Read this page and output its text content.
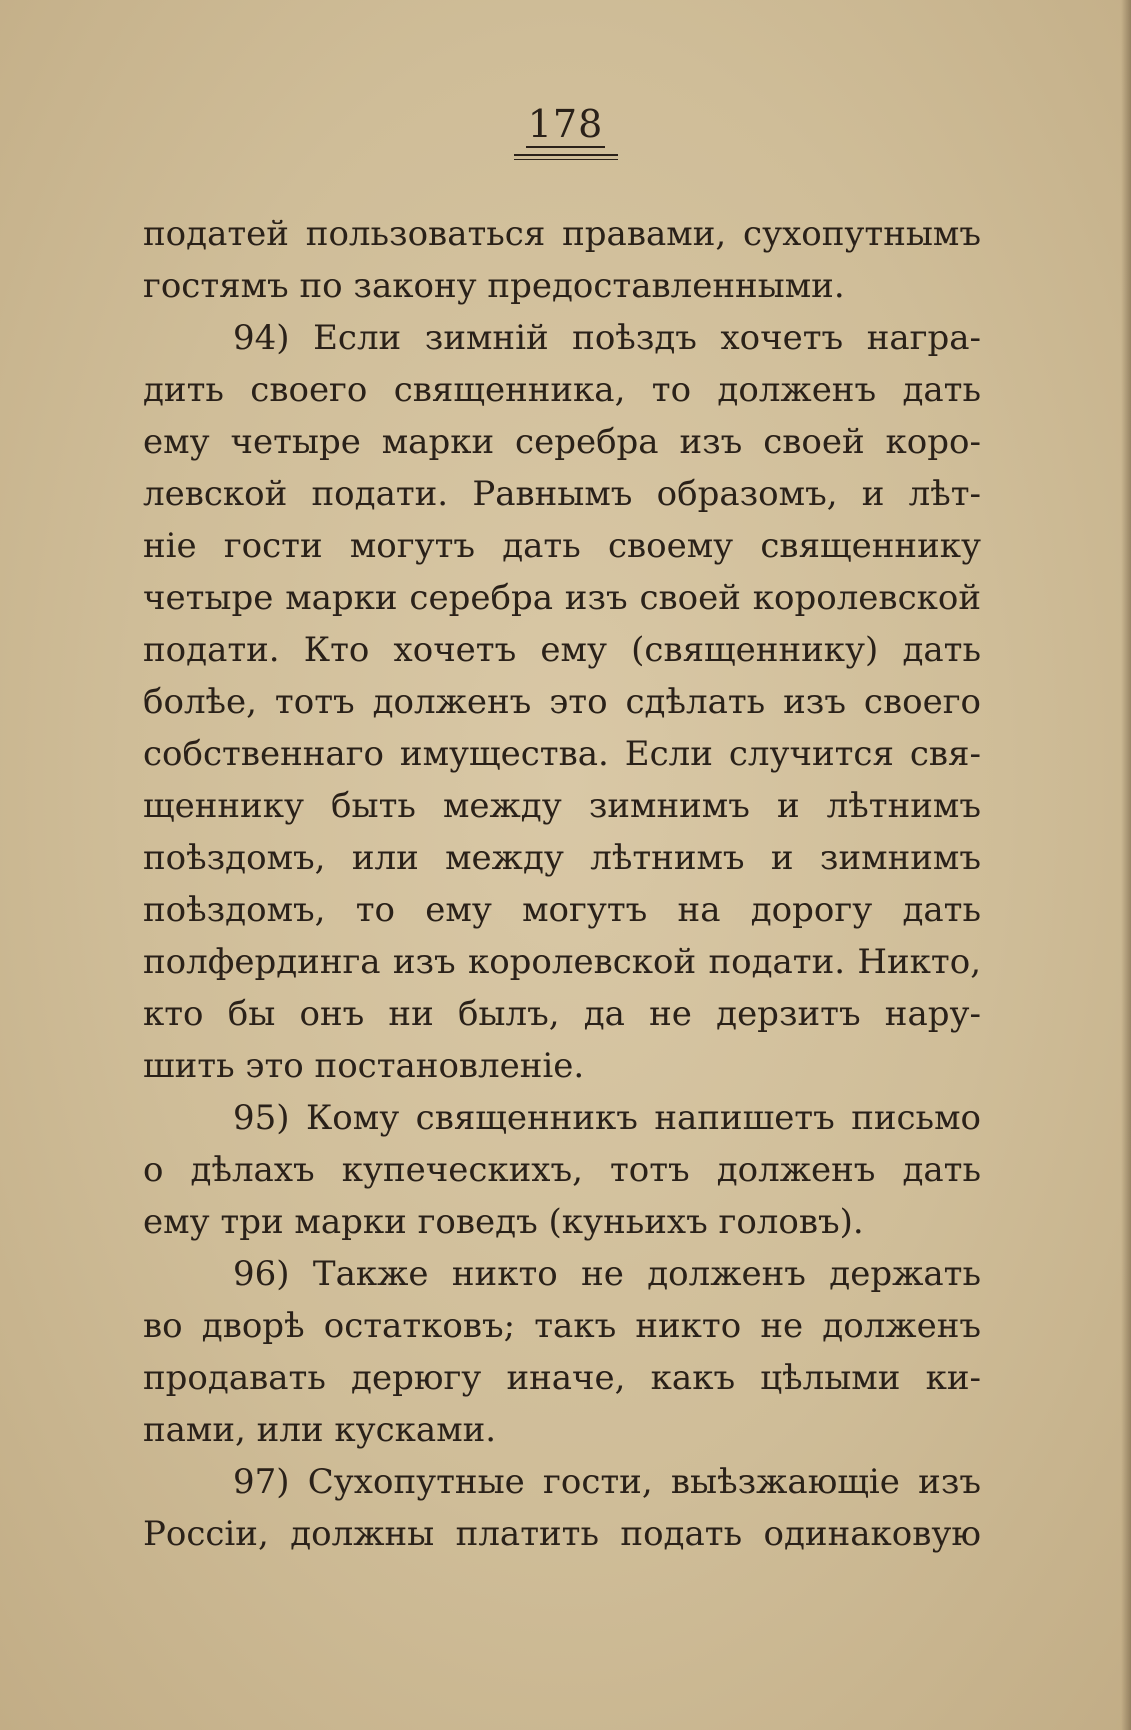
178
податей пользоваться правами, сухопутнымъ
гостямъ по закону предоставленными.
94) Если зимній поѣздъ хочетъ награ-
дить своего священника, то долженъ дать
ему четыре марки серебра изъ своей коро-
левской подати. Равнымъ образомъ, и лѣт-
ніе гости могутъ дать своему священнику
четыре марки серебра изъ своей королевской
подати. Кто хочетъ ему (священнику) дать
болѣе, тотъ долженъ это сдѣлать изъ своего
собственнаго имущества. Если случится свя-
щеннику быть между зимнимъ и лѣтнимъ
поѣздомъ, или между лѣтнимъ и зимнимъ
поѣздомъ, то ему могутъ на дорогу дать
полфердинга изъ королевской подати. Никто,
кто бы онъ ни былъ, да не дерзитъ нару-
шить это постановленіе.
95) Кому священникъ напишетъ письмо
о дѣлахъ купеческихъ, тотъ долженъ дать
ему три марки говедъ (куньихъ головъ).
96) Также никто не долженъ держать
во дворѣ остатковъ; такъ никто не долженъ
продавать дерюгу иначе, какъ цѣлыми ки-
пами, или кусками.
97) Сухопутные гости, выѣзжающіе изъ
Россіи, должны платить подать одинаковую
